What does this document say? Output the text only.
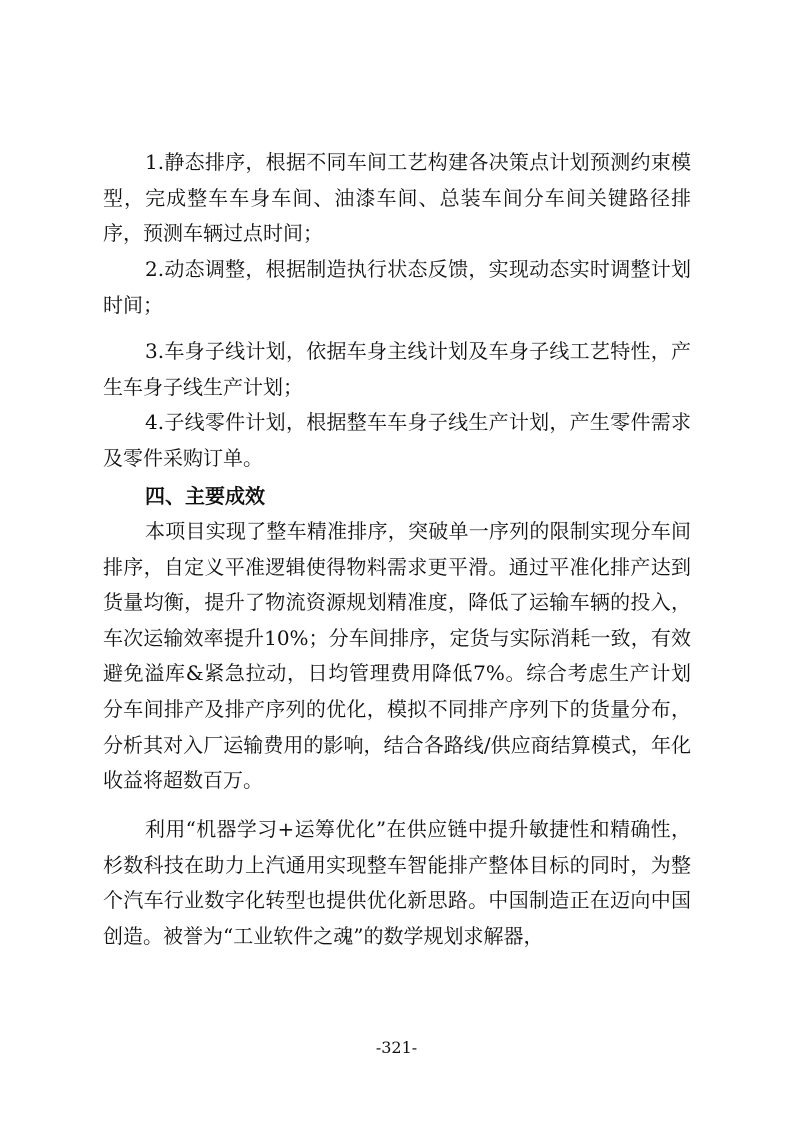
1.静态排序，根据不同车间工艺构建各决策点计划预测约束模型，完成整车车身车间、油漆车间、总装车间分车间关键路径排序，预测车辆过点时间；

2.动态调整，根据制造执行状态反馈，实现动态实时调整计划时间；

3.车身子线计划，依据车身主线计划及车身子线工艺特性，产生车身子线生产计划；

4.子线零件计划，根据整车车身子线生产计划，产生零件需求及零件采购订单。

四、主要成效

本项目实现了整车精准排序，突破单一序列的限制实现分车间排序，自定义平准逻辑使得物料需求更平滑。通过平准化排产达到货量均衡，提升了物流资源规划精准度，降低了运输车辆的投入，车次运输效率提升10%；分车间排序，定货与实际消耗一致，有效避免溢库&紧急拉动，日均管理费用降低7%。综合考虑生产计划分车间排产及排产序列的优化，模拟不同排产序列下的货量分布，分析其对入厂运输费用的影响，结合各路线/供应商结算模式，年化收益将超数百万。

利用“机器学习+运筹优化”在供应链中提升敏捷性和精确性，杉数科技在助力上汽通用实现整车智能排产整体目标的同时，为整个汽车行业数字化转型也提供优化新思路。中国制造正在迈向中国创造。被誉为“工业软件之魂”的数学规划求解器，

-321-
